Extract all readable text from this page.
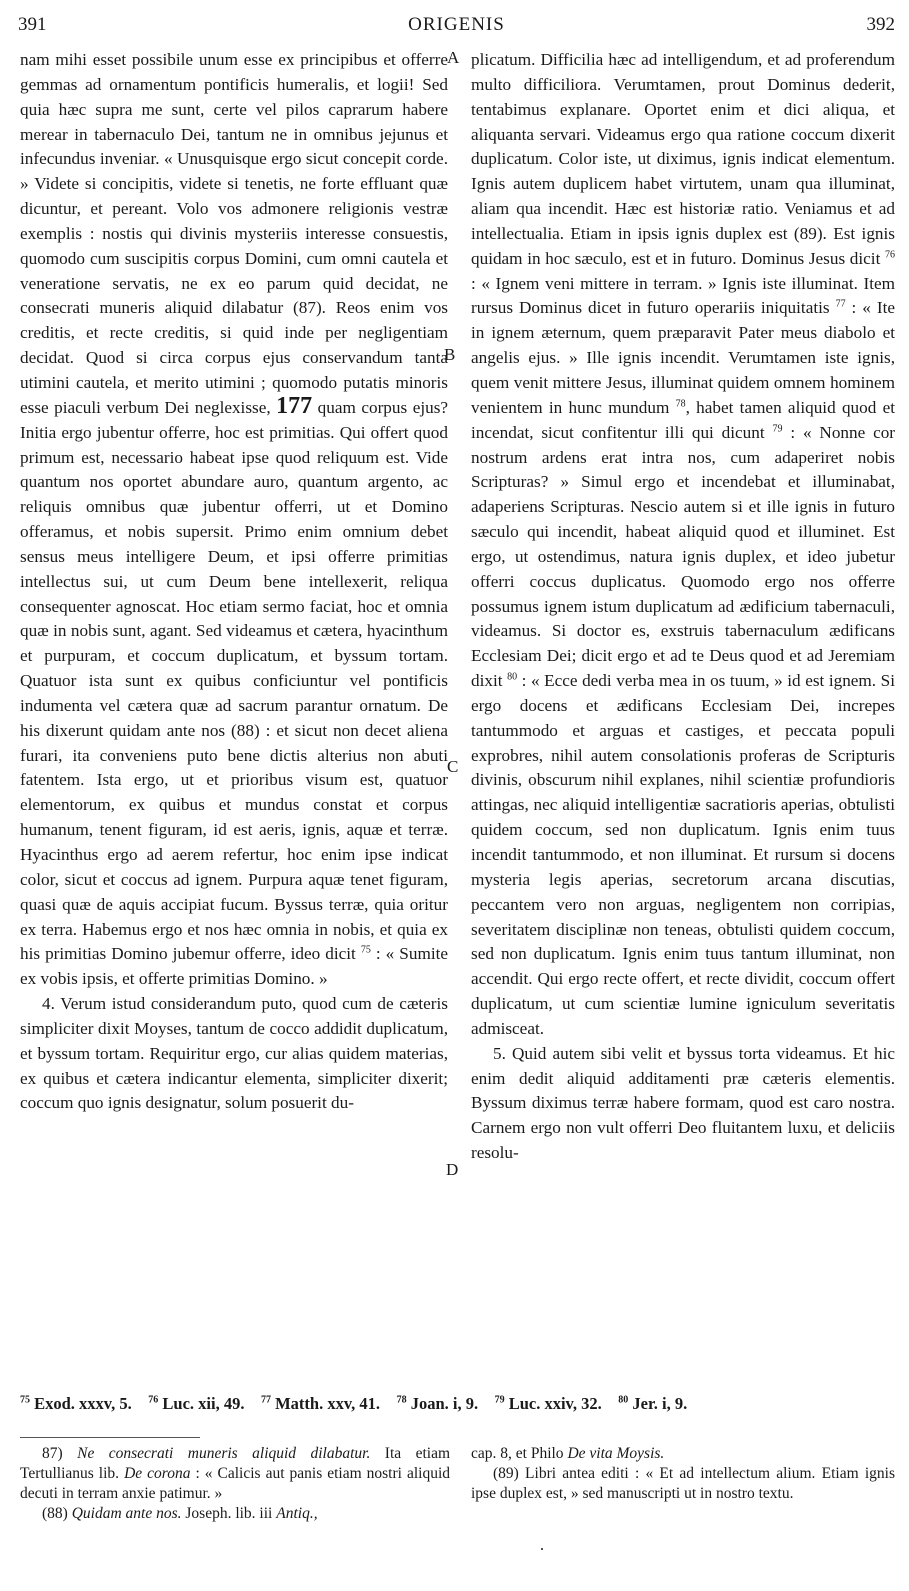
391	ORIGENIS	392

nam mihi esset possibile unum esse ex principibus et offerre gemmas ad ornamentum pontificis humeralis, et logii! Sed quia hæc supra me sunt, certe vel pilos caprarum habere merear in tabernaculo Dei, tantum ne in omnibus jejunus et infecundus inveniar. « Unusquisque ergo sicut concepit corde. » Videte si concipitis, videte si tenetis, ne forte effluant quæ dicuntur, et pereant. Volo vos admonere religionis vestræ exemplis : nostis qui divinis mysteriis interesse consuestis, quomodo cum suscipitis corpus Domini, cum omni cautela et veneratione servatis, ne ex eo parum quid decidat, ne consecrati muneris aliquid dilabatur (87). Reos enim vos creditis, et recte creditis, si quid inde per negligentiam decidat. Quod si circa corpus ejus conservandum tanta utimini cautela, et merito utimini ; quomodo putatis minoris esse piaculi verbum Dei neglexisse, 177 quam corpus ejus? Initia ergo jubentur offerre, hoc est primitias. Qui offert quod primum est, necessario habeat ipse quod reliquum est. Vide quantum nos oportet abundare auro, quantum argento, ac reliquis omnibus quæ jubentur offerri, ut et Domino offeramus, et nobis supersit. Primo enim omnium debet sensus meus intelligere Deum, et ipsi offerre primitias intellectus sui, ut cum Deum bene intellexerit, reliqua consequenter agnoscat. Hoc etiam sermo faciat, hoc et omnia quæ in nobis sunt, agant. Sed videamus et cætera, hyacinthum et purpuram, et coccum duplicatum, et byssum tortam. Quatuor ista sunt ex quibus conficiuntur vel pontificis indumenta vel cætera quæ ad sacrum parantur ornatum. De his dixerunt quidam ante nos (88) : et sicut non decet aliena furari, ita conveniens puto bene dictis alterius non abuti fatentem. Ista ergo, ut et prioribus visum est, quatuor elementorum, ex quibus et mundus constat et corpus humanum, tenent figuram, id est aeris, ignis, aquæ et terræ. Hyacinthus ergo ad aerem refertur, hoc enim ipse indicat color, sicut et coccus ad ignem. Purpura aquæ tenet figuram, quasi quæ de aquis accipiat fucum. Byssus terræ, quia oritur ex terra. Habemus ergo et nos hæc omnia in nobis, et quia ex his primitias Domino jubemur offerre, ideo dicit $^{75}$ : « Sumite ex vobis ipsis, et offerte primitias Domino. »

4. Verum istud considerandum puto, quod cum de cæteris simpliciter dixit Moyses, tantum de cocco addidit duplicatum, et byssum tortam. Requiritur ergo, cur alias quidem materias, ex quibus et cætera indicantur elementa, simpliciter dixerit; coccum quo ignis designatur, solum posuerit du-

A
B
C
D

plicatum. Difficilia hæc ad intelligendum, et ad proferendum multo difficiliora. Verumtamen, prout Dominus dederit, tentabimus explanare. Oportet enim et dici aliqua, et aliquanta servari. Videamus ergo qua ratione coccum dixerit duplicatum. Color iste, ut diximus, ignis indicat elementum. Ignis autem duplicem habet virtutem, unam qua illuminat, aliam qua incendit. Hæc est historiæ ratio. Veniamus et ad intellectualia. Etiam in ipsis ignis duplex est (89). Est ignis quidam in hoc sæculo, est et in futuro. Dominus Jesus dicit $^{76}$ : « Ignem veni mittere in terram. » Ignis iste illuminat. Item rursus Dominus dicet in futuro operariis iniquitatis $^{77}$ : « Ite in ignem æternum, quem præparavit Pater meus diabolo et angelis ejus. » Ille ignis incendit. Verumtamen iste ignis, quem venit mittere Jesus, illuminat quidem omnem hominem venientem in hunc mundum $^{78}$, habet tamen aliquid quod et incendat, sicut confitentur illi qui dicunt $^{79}$ : « Nonne cor nostrum ardens erat intra nos, cum adaperiret nobis Scripturas? » Simul ergo et incendebat et illuminabat, adaperiens Scripturas. Nescio autem si et ille ignis in futuro sæculo qui incendit, habeat aliquid quod et illuminet. Est ergo, ut ostendimus, natura ignis duplex, et ideo jubetur offerri coccus duplicatus. Quomodo ergo nos offerre possumus ignem istum duplicatum ad ædificium tabernaculi, videamus. Si doctor es, exstruis tabernaculum ædificans Ecclesiam Dei; dicit ergo et ad te Deus quod et ad Jeremiam dixit $^{80}$ : « Ecce dedi verba mea in os tuum, » id est ignem. Si ergo docens et ædificans Ecclesiam Dei, increpes tantummodo et arguas et castiges, et peccata populi exprobres, nihil autem consolationis proferas de Scripturis divinis, obscurum nihil explanes, nihil scientiæ profundioris attingas, nec aliquid intelligentiæ sacratioris aperias, obtulisti quidem coccum, sed non duplicatum. Ignis enim tuus incendit tantummodo, et non illuminat. Et rursum si docens mysteria legis aperias, secretorum arcana discutias, peccantem vero non arguas, negligentem non corripias, severitatem disciplinæ non teneas, obtulisti quidem coccum, sed non duplicatum. Ignis enim tuus tantum illuminat, non accendit. Qui ergo recte offert, et recte dividit, coccum offert duplicatum, ut cum scientiæ lumine igniculum severitatis admisceat.

5. Quid autem sibi velit et byssus torta videamus. Et hic enim dedit aliquid additamenti præ cæteris elementis. Byssum diximus terræ habere formam, quod est caro nostra. Carnem ergo non vult offerri Deo fluitantem luxu, et deliciis resolu-

$^{75}$ Exod. xxxv, 5. $^{76}$ Luc. xii, 49. $^{77}$ Matth. xxv, 41. $^{78}$ Joan. i, 9. $^{79}$ Luc. xxiv, 32. $^{80}$ Jer. i, 9.

87) Ne consecrati muneris aliquid dilabatur. Ita etiam Tertullianus lib. De corona : « Calicis aut panis etiam nostri aliquid decuti in terram anxie patimur. »

(88) Quidam ante nos. Joseph. lib. iii Antiq.,

cap. 8, et Philo De vita Moysis.

(89) Libri antea editi : « Et ad intellectum alium. Etiam ignis ipse duplex est, » sed manuscripti ut in nostro textu.
